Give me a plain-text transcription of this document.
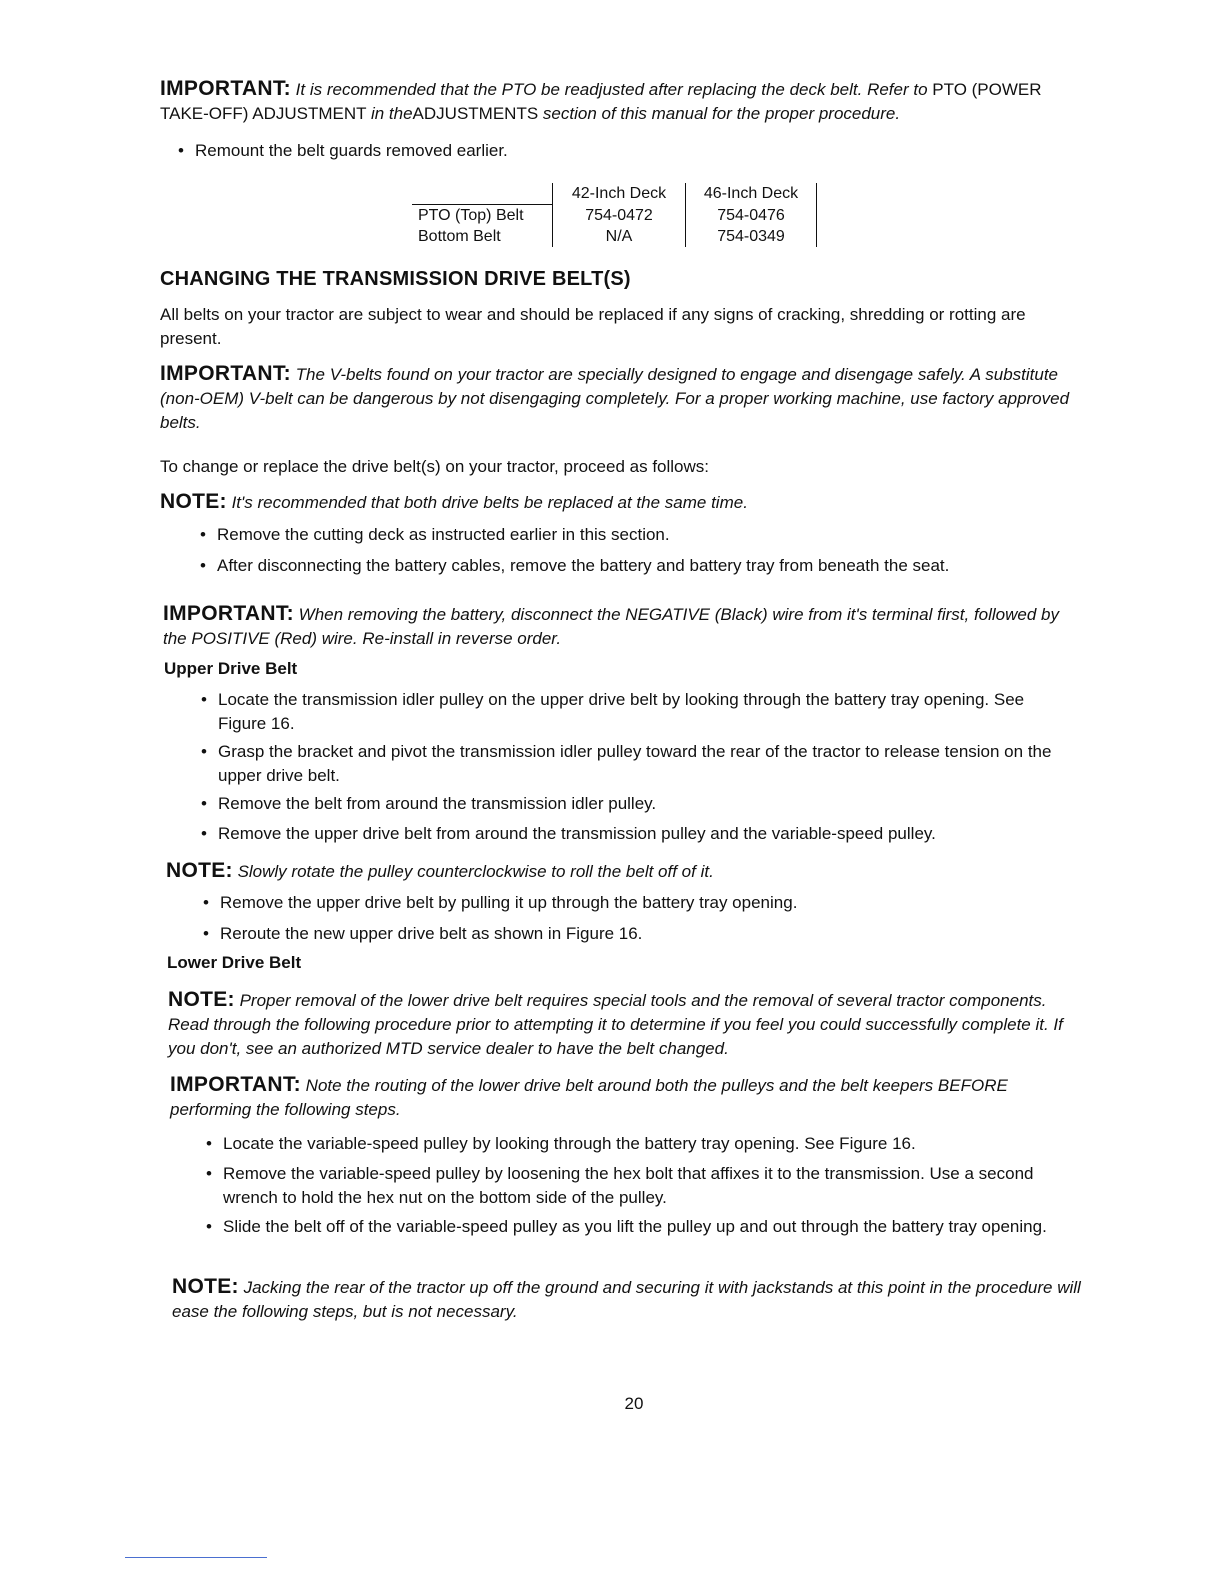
IMPORTANT: It is recommended that the PTO be readjusted after replacing the deck belt. Refer to PTO (POWER TAKE-OFF) ADJUSTMENT in theADJUSTMENTS section of this manual for the proper procedure.
• Remount the belt guards removed earlier.
	42-Inch Deck	46-Inch Deck
PTO (Top) Belt	754-0472	754-0476
Bottom Belt	N/A	754-0349
CHANGING THE TRANSMISSION DRIVE BELT(S)
All belts on your tractor are subject to wear and should be replaced if any signs of cracking, shredding or rotting are present.
IMPORTANT: The V-belts found on your tractor are specially designed to engage and disengage safely. A substitute (non-OEM) V-belt can be dangerous by not disengaging completely. For a proper working machine, use factory approved belts.
To change or replace the drive belt(s) on your tractor, proceed as follows:
NOTE: It's recommended that both drive belts be replaced at the same time.
• Remove the cutting deck as instructed earlier in this section.
• After disconnecting the battery cables, remove the battery and battery tray from beneath the seat.
IMPORTANT: When removing the battery, disconnect the NEGATIVE (Black) wire from it's terminal first, followed by the POSITIVE (Red) wire. Re-install in reverse order.
Upper Drive Belt
• Locate the transmission idler pulley on the upper drive belt by looking through the battery tray opening. See Figure 16.
• Grasp the bracket and pivot the transmission idler pulley toward the rear of the tractor to release tension on the upper drive belt.
• Remove the belt from around the transmission idler pulley.
• Remove the upper drive belt from around the transmission pulley and the variable-speed pulley.
NOTE: Slowly rotate the pulley counterclockwise to roll the belt off of it.
• Remove the upper drive belt by pulling it up through the battery tray opening.
• Reroute the new upper drive belt as shown in Figure 16.
Lower Drive Belt
NOTE: Proper removal of the lower drive belt requires special tools and the removal of several tractor components. Read through the following procedure prior to attempting it to determine if you feel you could successfully complete it. If you don't, see an authorized MTD service dealer to have the belt changed.
IMPORTANT: Note the routing of the lower drive belt around both the pulleys and the belt keepers BEFORE performing the following steps.
• Locate the variable-speed pulley by looking through the battery tray opening. See Figure 16.
• Remove the variable-speed pulley by loosening the hex bolt that affixes it to the transmission. Use a second wrench to hold the hex nut on the bottom side of the pulley.
• Slide the belt off of the variable-speed pulley as you lift the pulley up and out through the battery tray opening.
NOTE: Jacking the rear of the tractor up off the ground and securing it with jackstands at this point in the procedure will ease the following steps, but is not necessary.
20
